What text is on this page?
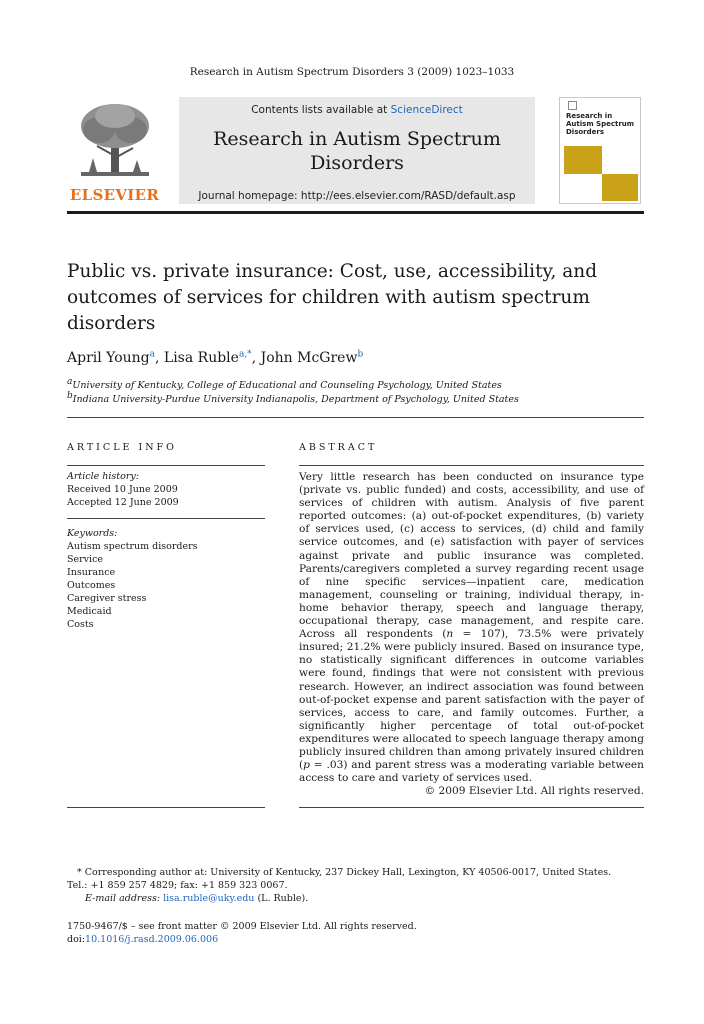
Research in Autism Spectrum Disorders 3 (2009) 1023–1033
ELSEVIER
Contents lists available at ScienceDirect
Research in Autism Spectrum Disorders
Journal homepage: http://ees.elsevier.com/RASD/default.asp
Research in Autism Spectrum Disorders
Public vs. private insurance: Cost, use, accessibility, and outcomes of services for children with autism spectrum disorders
April Young$^a$, Lisa Ruble$^{a,*}$, John McGrew$^b$
$^a$University of Kentucky, College of Educational and Counseling Psychology, United States
$^b$Indiana University-Purdue University Indianapolis, Department of Psychology, United States
ARTICLE INFO	ABSTRACT
Article history:
Received 10 June 2009
Accepted 12 June 2009
Keywords:
Autism spectrum disorders
Service
Insurance
Outcomes
Caregiver stress
Medicaid
Costs
Very little research has been conducted on insurance type (private vs. public funded) and costs, accessibility, and use of services of children with autism. Analysis of five parent reported outcomes: (a) out-of-pocket expenditures, (b) variety of services used, (c) access to services, (d) child and family service outcomes, and (e) satisfaction with payer of services against private and public insurance was completed. Parents/caregivers completed a survey regarding recent usage of nine specific services—inpatient care, medication management, counseling or training, individual therapy, in-home behavior therapy, speech and language therapy, occupational therapy, case management, and respite care. Across all respondents (n = 107), 73.5% were privately insured; 21.2% were publicly insured. Based on insurance type, no statistically significant differences in outcome variables were found, findings that were not consistent with previous research. However, an indirect association was found between out-of-pocket expense and parent satisfaction with the payer of services, access to care, and family outcomes. Further, a significantly higher percentage of total out-of-pocket expenditures were allocated to speech language therapy among publicly insured children than among privately insured children (p = .03) and parent stress was a moderating variable between access to care and variety of services used.
© 2009 Elsevier Ltd. All rights reserved.
* Corresponding author at: University of Kentucky, 237 Dickey Hall, Lexington, KY 40506-0017, United States.
Tel.: +1 859 257 4829; fax: +1 859 323 0067.
E-mail address: lisa.ruble@uky.edu (L. Ruble).
1750-9467/$ – see front matter © 2009 Elsevier Ltd. All rights reserved.
doi:10.1016/j.rasd.2009.06.006
